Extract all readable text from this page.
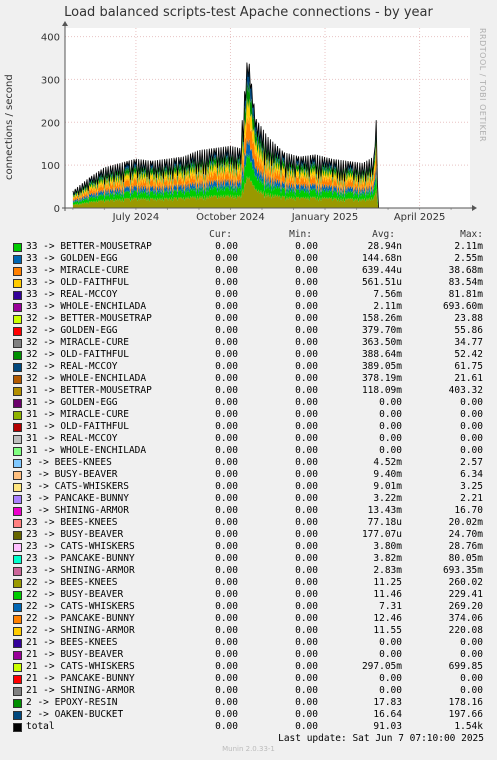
Load balanced scripts-test Apache connections - by year
connections / second	RRDTOOL / TOBI OETIKER
0
100
200
300
400
July 2024	October 2024	January 2025	April 2025
Cur:	Min:	Avg:	Max:
33 -> BETTER-MOUSETRAP	0.00	0.00	28.94n	2.11m
33 -> GOLDEN-EGG	0.00	0.00	144.68n	2.55m
33 -> MIRACLE-CURE	0.00	0.00	639.44u	38.68m
33 -> OLD-FAITHFUL	0.00	0.00	561.51u	83.54m
33 -> REAL-MCCOY	0.00	0.00	7.56m	81.81m
33 -> WHOLE-ENCHILADA	0.00	0.00	2.11m	693.60m
32 -> BETTER-MOUSETRAP	0.00	0.00	158.26m	23.88
32 -> GOLDEN-EGG	0.00	0.00	379.70m	55.86
32 -> MIRACLE-CURE	0.00	0.00	363.50m	34.77
32 -> OLD-FAITHFUL	0.00	0.00	388.64m	52.42
32 -> REAL-MCCOY	0.00	0.00	389.05m	61.75
32 -> WHOLE-ENCHILADA	0.00	0.00	378.19m	21.61
31 -> BETTER-MOUSETRAP	0.00	0.00	118.09m	403.32
31 -> GOLDEN-EGG	0.00	0.00	0.00	0.00
31 -> MIRACLE-CURE	0.00	0.00	0.00	0.00
31 -> OLD-FAITHFUL	0.00	0.00	0.00	0.00
31 -> REAL-MCCOY	0.00	0.00	0.00	0.00
31 -> WHOLE-ENCHILADA	0.00	0.00	0.00	0.00
3 -> BEES-KNEES	0.00	0.00	4.52m	2.57
3 -> BUSY-BEAVER	0.00	0.00	9.40m	6.34
3 -> CATS-WHISKERS	0.00	0.00	9.01m	3.25
3 -> PANCAKE-BUNNY	0.00	0.00	3.22m	2.21
3 -> SHINING-ARMOR	0.00	0.00	13.43m	16.70
23 -> BEES-KNEES	0.00	0.00	77.18u	20.02m
23 -> BUSY-BEAVER	0.00	0.00	177.07u	24.70m
23 -> CATS-WHISKERS	0.00	0.00	3.80m	28.76m
23 -> PANCAKE-BUNNY	0.00	0.00	3.82m	80.05m
23 -> SHINING-ARMOR	0.00	0.00	2.83m	693.35m
22 -> BEES-KNEES	0.00	0.00	11.25	260.02
22 -> BUSY-BEAVER	0.00	0.00	11.46	229.41
22 -> CATS-WHISKERS	0.00	0.00	7.31	269.20
22 -> PANCAKE-BUNNY	0.00	0.00	12.46	374.06
22 -> SHINING-ARMOR	0.00	0.00	11.55	220.08
21 -> BEES-KNEES	0.00	0.00	0.00	0.00
21 -> BUSY-BEAVER	0.00	0.00	0.00	0.00
21 -> CATS-WHISKERS	0.00	0.00	297.05m	699.85
21 -> PANCAKE-BUNNY	0.00	0.00	0.00	0.00
21 -> SHINING-ARMOR	0.00	0.00	0.00	0.00
2 -> EPOXY-RESIN	0.00	0.00	17.83	178.16
2 -> OAKEN-BUCKET	0.00	0.00	16.64	197.66
total	0.00	0.00	91.03	1.54k
Last update: Sat Jun 7 07:10:00 2025
Munin 2.0.33-1
